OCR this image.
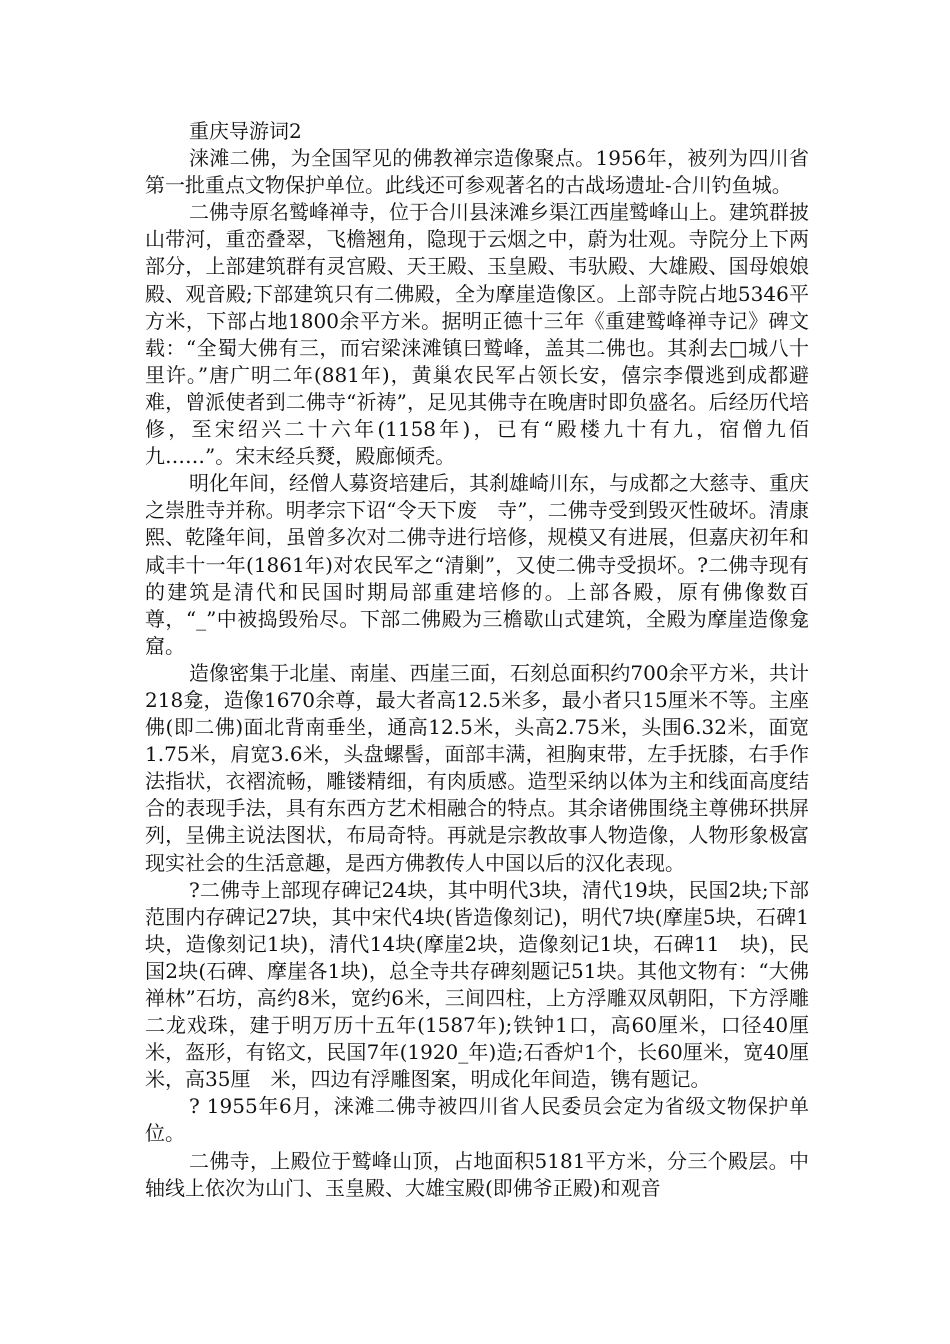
重庆导游词2

涞滩二佛，为全国罕见的佛教禅宗造像聚点。1956年，被列为四川省第一批重点文物保护单位。此线还可参观著名的古战场遗址-合川钓鱼城。

二佛寺原名鹫峰禅寺，位于合川县涞滩乡渠江西崖鹫峰山上。建筑群披山带河，重峦叠翠，飞檐翘角，隐现于云烟之中，蔚为壮观。寺院分上下两部分，上部建筑群有灵宫殿、天王殿、玉皇殿、韦驮殿、大雄殿、国母娘娘殿、观音殿;下部建筑只有二佛殿，全为摩崖造像区。上部寺院占地5346平方米，下部占地1800余平方米。据明正德十三年《重建鹫峰禅寺记》碑文载：“全蜀大佛有三，而宕梁涞滩镇曰鹫峰，盖其二佛也。其刹去□城八十里许。”唐广明二年(881年)，黄巢农民军占领长安，僖宗李儇逃到成都避难，曾派使者到二佛寺“祈祷”，足见其佛寺在晚唐时即负盛名。后经历代培修，至宋绍兴二十六年(1158年)，已有“殿楼九十有九，宿僧九佰九……”。宋末经兵燹，殿廊倾秃。

明化年间，经僧人募资培建后，其刹雄崎川东，与成都之大慈寺、重庆之崇胜寺并称。明孝宗下诏“令天下废　寺”，二佛寺受到毁灭性破坏。清康熙、乾隆年间，虽曾多次对二佛寺进行培修，规模又有进展，但嘉庆初年和咸丰十一年(1861年)对农民军之“清剿”，又使二佛寺受损坏。?二佛寺现有的建筑是清代和民国时期局部重建培修的。上部各殿，原有佛像数百尊，“_”中被捣毁殆尽。下部二佛殿为三檐歇山式建筑，全殿为摩崖造像龛窟。

造像密集于北崖、南崖、西崖三面，石刻总面积约700余平方米，共计218龛，造像1670余尊，最大者高12.5米多，最小者只15厘米不等。主座佛(即二佛)面北背南垂坐，通高12.5米，头高2.75米，头围6.32米，面宽1.75米，肩宽3.6米，头盘螺髻，面部丰满，袒胸束带，左手抚膝，右手作法指状，衣褶流畅，雕镂精细，有肉质感。造型采纳以体为主和线面高度结合的表现手法，具有东西方艺术相融合的特点。其余诸佛围绕主尊佛环拱屏列，呈佛主说法图状，布局奇特。再就是宗教故事人物造像，人物形象极富现实社会的生活意趣，是西方佛教传人中国以后的汉化表现。

?二佛寺上部现存碑记24块，其中明代3块，清代19块，民国2块;下部范围内存碑记27块，其中宋代4块(皆造像刻记)，明代7块(摩崖5块，石碑1块，造像刻记1块)，清代14块(摩崖2块，造像刻记1块，石碑11　块)，民国2块(石碑、摩崖各1块)，总全寺共存碑刻题记51块。其他文物有：“大佛禅林”石坊，高约8米，宽约6米，三间四柱，上方浮雕双凤朝阳，下方浮雕二龙戏珠，建于明万历十五年(1587年);铁钟1口，高60厘米，口径40厘米，盔形，有铭文，民国7年(1920_年)造;石香炉1个，长60厘米，宽40厘米，高35厘　米，四边有浮雕图案，明成化年间造，镌有题记。

? 1955年6月，涞滩二佛寺被四川省人民委员会定为省级文物保护单位。

二佛寺，上殿位于鹫峰山顶，占地面积5181平方米，分三个殿层。中轴线上依次为山门、玉皇殿、大雄宝殿(即佛爷正殿)和观音
